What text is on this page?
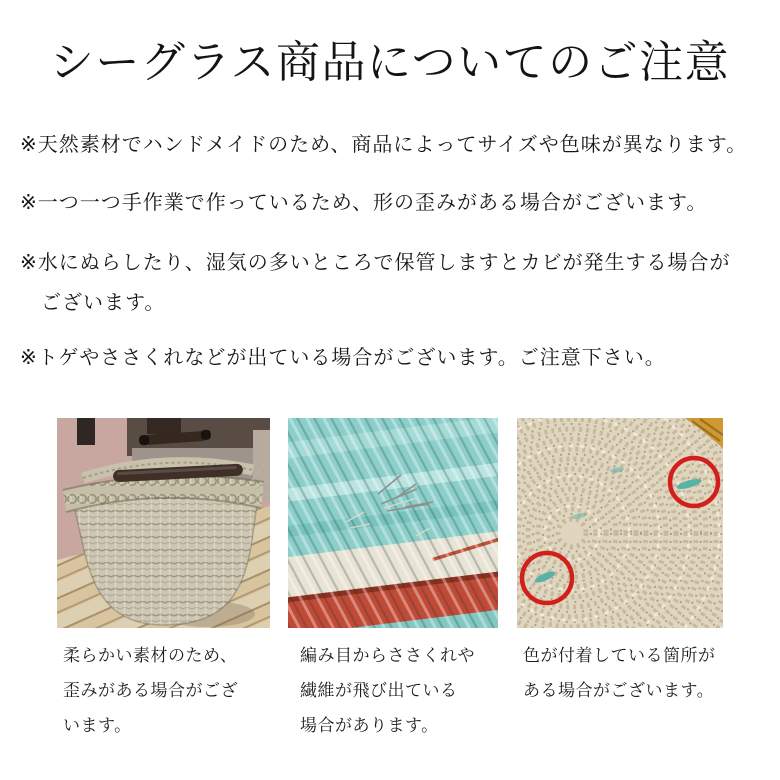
シーグラス商品についてのご注意
※天然素材でハンドメイドのため、商品によってサイズや色味が異なります。
※一つ一つ手作業で作っているため、形の歪みがある場合がございます。
※水にぬらしたり、湿気の多いところで保管しますとカビが発生する場合が
ございます。
※トゲやささくれなどが出ている場合がございます。ご注意下さい。
柔らかい素材のため、
歪みがある場合がござ
います。
編み目からささくれや
繊維が飛び出ている
場合があります。
色が付着している箇所が
ある場合がございます。
